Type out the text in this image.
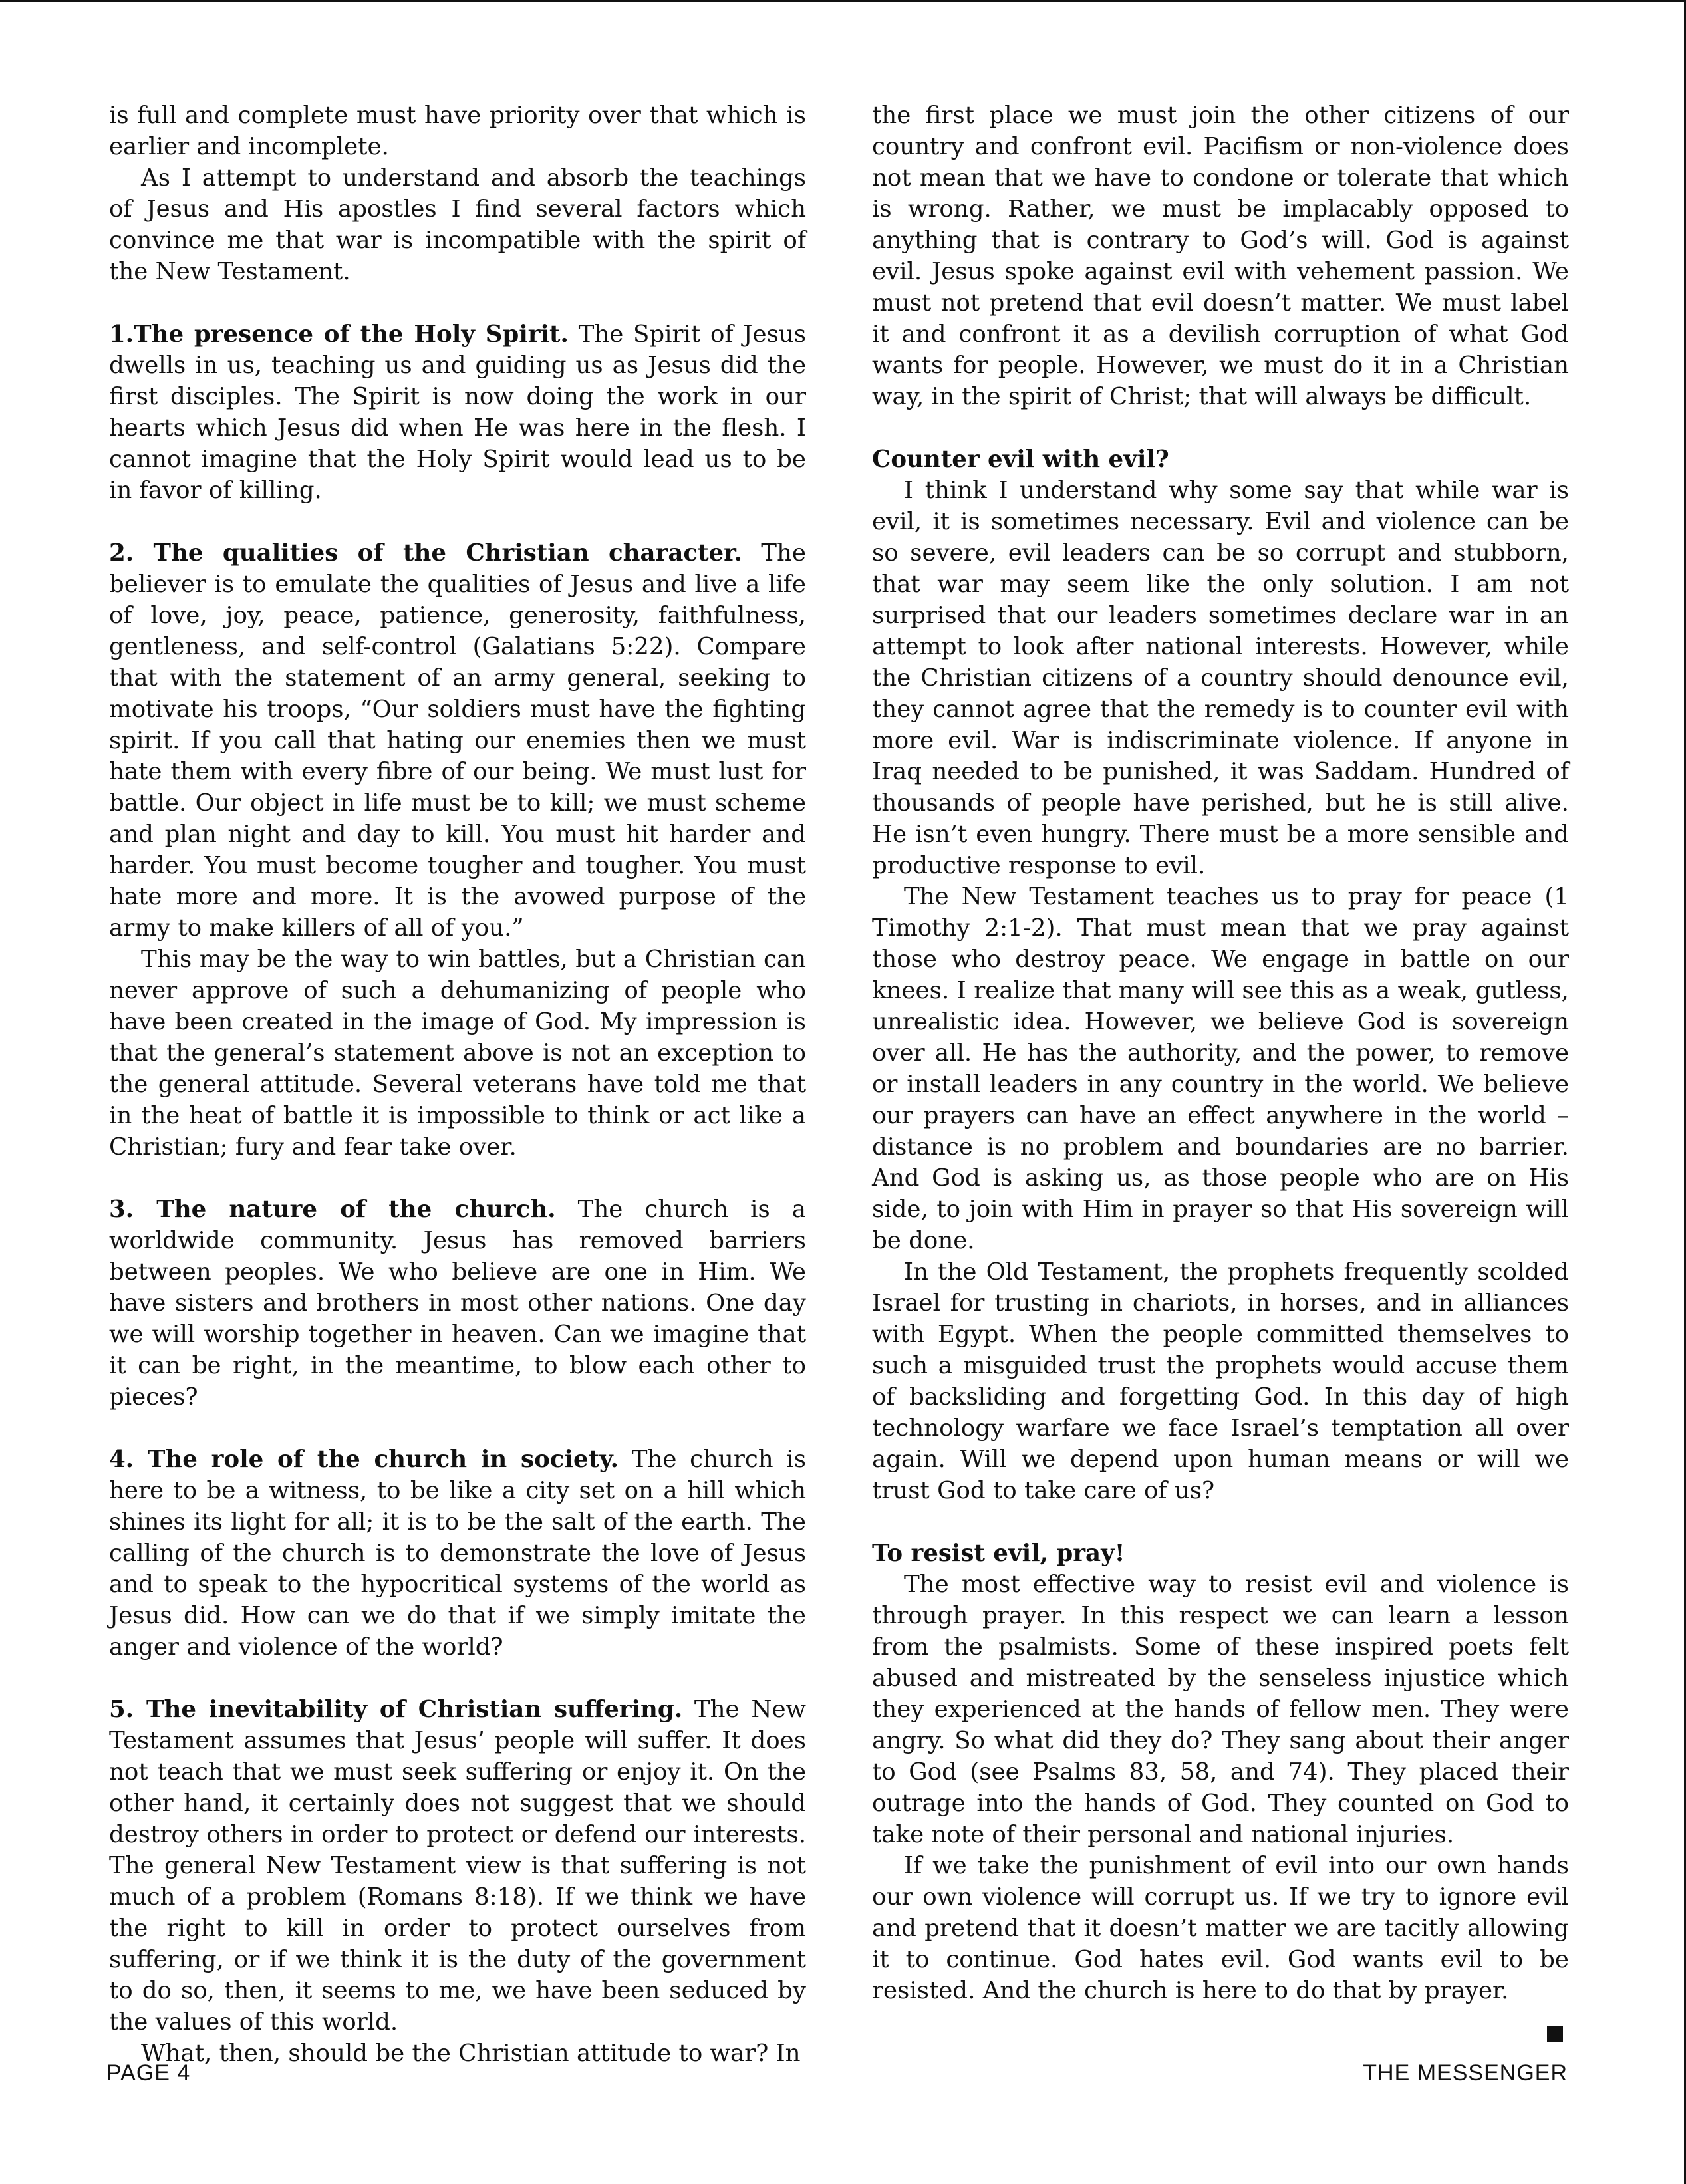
is full and complete must have priority over that which is earlier and incomplete.

As I attempt to understand and absorb the teachings of Jesus and His apostles I find several factors which convince me that war is incompatible with the spirit of the New Testament.

1.The presence of the Holy Spirit. The Spirit of Jesus dwells in us, teaching us and guiding us as Jesus did the first disciples. The Spirit is now doing the work in our hearts which Jesus did when He was here in the flesh. I cannot imagine that the Holy Spirit would lead us to be in favor of killing.

2. The qualities of the Christian character. The believer is to emulate the qualities of Jesus and live a life of love, joy, peace, patience, generosity, faithfulness, gentleness, and self-control (Galatians 5:22). Compare that with the statement of an army general, seeking to motivate his troops, “Our soldiers must have the fighting spirit. If you call that hating our enemies then we must hate them with every fibre of our being. We must lust for battle. Our object in life must be to kill; we must scheme and plan night and day to kill. You must hit harder and harder. You must become tougher and tougher. You must hate more and more. It is the avowed purpose of the army to make killers of all of you.”

This may be the way to win battles, but a Christian can never approve of such a dehumanizing of people who have been created in the image of God. My impression is that the general’s statement above is not an exception to the general attitude. Several veterans have told me that in the heat of battle it is impossible to think or act like a Christian; fury and fear take over.

3. The nature of the church. The church is a worldwide community. Jesus has removed barriers between peoples. We who believe are one in Him. We have sisters and brothers in most other nations. One day we will worship together in heaven. Can we imagine that it can be right, in the meantime, to blow each other to pieces?

4. The role of the church in society. The church is here to be a witness, to be like a city set on a hill which shines its light for all; it is to be the salt of the earth. The calling of the church is to demonstrate the love of Jesus and to speak to the hypocritical systems of the world as Jesus did. How can we do that if we simply imitate the anger and violence of the world?

5. The inevitability of Christian suffering. The New Testament assumes that Jesus’ people will suffer. It does not teach that we must seek suffering or enjoy it. On the other hand, it certainly does not suggest that we should destroy others in order to protect or defend our interests. The general New Testament view is that suffering is not much of a problem (Romans 8:18). If we think we have the right to kill in order to protect ourselves from suffering, or if we think it is the duty of the government to do so, then, it seems to me, we have been seduced by the values of this world.

What, then, should be the Christian attitude to war? In

the first place we must join the other citizens of our country and confront evil. Pacifism or non-violence does not mean that we have to condone or tolerate that which is wrong. Rather, we must be implacably opposed to anything that is contrary to God’s will. God is against evil. Jesus spoke against evil with vehement passion. We must not pretend that evil doesn’t matter. We must label it and confront it as a devilish corruption of what God wants for people. However, we must do it in a Christian way, in the spirit of Christ; that will always be difficult.

Counter evil with evil?

I think I understand why some say that while war is evil, it is sometimes necessary. Evil and violence can be so severe, evil leaders can be so corrupt and stubborn, that war may seem like the only solution. I am not surprised that our leaders sometimes declare war in an attempt to look after national interests. However, while the Christian citizens of a country should denounce evil, they cannot agree that the remedy is to counter evil with more evil. War is indiscriminate violence. If anyone in Iraq needed to be punished, it was Saddam. Hundred of thousands of people have perished, but he is still alive. He isn’t even hungry. There must be a more sensible and productive response to evil.

The New Testament teaches us to pray for peace (1 Timothy 2:1-2). That must mean that we pray against those who destroy peace. We engage in battle on our knees. I realize that many will see this as a weak, gutless, unrealistic idea. However, we believe God is sovereign over all. He has the authority, and the power, to remove or install leaders in any country in the world. We believe our prayers can have an effect anywhere in the world – distance is no problem and boundaries are no barrier. And God is asking us, as those people who are on His side, to join with Him in prayer so that His sovereign will be done.

In the Old Testament, the prophets frequently scolded Israel for trusting in chariots, in horses, and in alliances with Egypt. When the people committed themselves to such a misguided trust the prophets would accuse them of backsliding and forgetting God. In this day of high technology warfare we face Israel’s temptation all over again. Will we depend upon human means or will we trust God to take care of us?

To resist evil, pray!

The most effective way to resist evil and violence is through prayer. In this respect we can learn a lesson from the psalmists. Some of these inspired poets felt abused and mistreated by the senseless injustice which they experienced at the hands of fellow men. They were angry. So what did they do? They sang about their anger to God (see Psalms 83, 58, and 74). They placed their outrage into the hands of God. They counted on God to take note of their personal and national injuries.

If we take the punishment of evil into our own hands our own violence will corrupt us. If we try to ignore evil and pretend that it doesn’t matter we are tacitly allowing it to continue. God hates evil. God wants evil to be resisted. And the church is here to do that by prayer.

PAGE 4	THE MESSENGER
